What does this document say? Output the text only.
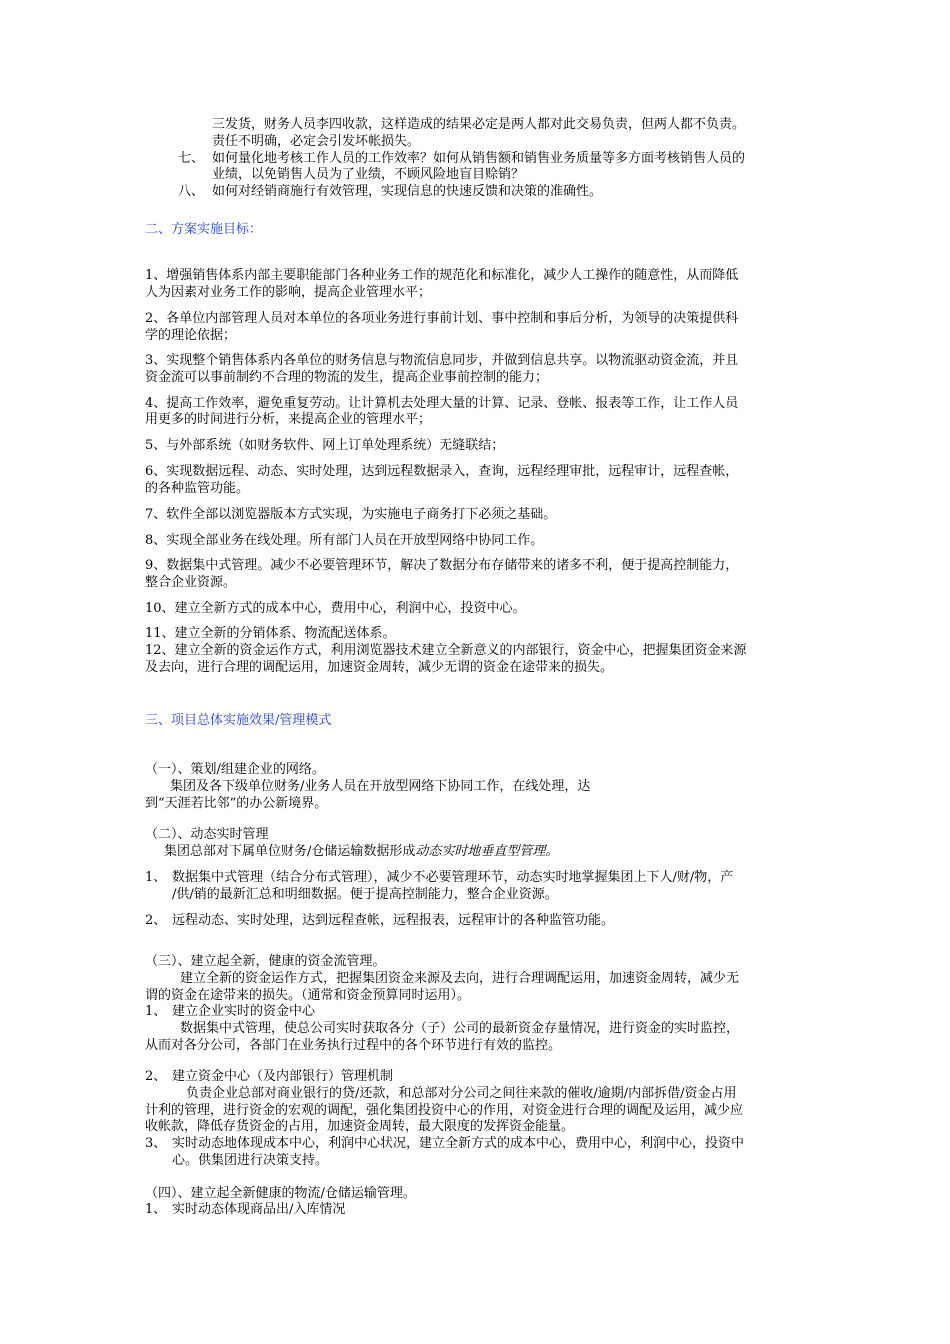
三发货，财务人员李四收款，这样造成的结果必定是两人都对此交易负责，但两人都不负责。
责任不明确，必定会引发坏帐损失。
七、 如何量化地考核工作人员的工作效率？如何从销售额和销售业务质量等多方面考核销售人员的
业绩，以免销售人员为了业绩，不顾风险地盲目赊销？
八、 如何对经销商施行有效管理，实现信息的快速反馈和决策的准确性。
二、方案实施目标：
1、增强销售体系内部主要职能部门各种业务工作的规范化和标准化，减少人工操作的随意性，从而降低
人为因素对业务工作的影响，提高企业管理水平；
2、各单位内部管理人员对本单位的各项业务进行事前计划、事中控制和事后分析，为领导的决策提供科
学的理论依据；
3、实现整个销售体系内各单位的财务信息与物流信息同步，并做到信息共享。以物流驱动资金流，并且
资金流可以事前制约不合理的物流的发生，提高企业事前控制的能力；
4、提高工作效率，避免重复劳动。让计算机去处理大量的计算、记录、登帐、报表等工作，让工作人员
用更多的时间进行分析，来提高企业的管理水平；
5、与外部系统（如财务软件、网上订单处理系统）无缝联结；
6、实现数据远程、动态、实时处理，达到远程数据录入，查询，远程经理审批，远程审计，远程查帐，
的各种监管功能。
7、软件全部以浏览器版本方式实现，为实施电子商务打下必须之基础。
8、实现全部业务在线处理。所有部门人员在开放型网络中协同工作。
9、数据集中式管理。减少不必要管理环节，解决了数据分布存储带来的诸多不利，便于提高控制能力，
整合企业资源。
10、建立全新方式的成本中心，费用中心，利润中心，投资中心。
11、建立全新的分销体系、物流配送体系。
12、建立全新的资金运作方式，利用浏览器技术建立全新意义的内部银行，资金中心，把握集团资金来源
及去向，进行合理的调配运用，加速资金周转，减少无谓的资金在途带来的损失。
三、项目总体实施效果/管理模式
（一）、策划/组建企业的网络。
集团及各下级单位财务/业务人员在开放型网络下协同工作，在线处理，达
到“天涯若比邻”的办公新境界。
（二）、动态实时管理
集团总部对下属单位财务/仓储运输数据形成动态实时地垂直型管理。
1、 数据集中式管理（结合分布式管理），减少不必要管理环节，动态实时地掌握集团上下人/财/物，产
/供/销的最新汇总和明细数据。便于提高控制能力，整合企业资源。
2、 远程动态、实时处理，达到远程查帐，远程报表，远程审计的各种监管功能。
（三）、建立起全新，健康的资金流管理。
建立全新的资金运作方式，把握集团资金来源及去向，进行合理调配运用，加速资金周转，减少无
谓的资金在途带来的损失。（通常和资金预算同时运用）。
1、 建立企业实时的资金中心
数据集中式管理，使总公司实时获取各分（子）公司的最新资金存量情况，进行资金的实时监控，
从而对各分公司，各部门在业务执行过程中的各个环节进行有效的监控。
2、 建立资金中心（及内部银行）管理机制
负责企业总部对商业银行的贷/还款，和总部对分公司之间往来款的催收/逾期/内部拆借/资金占用
计利的管理，进行资金的宏观的调配，强化集团投资中心的作用，对资金进行合理的调配及运用，减少应
收帐款，降低存货资金的占用，加速资金周转，最大限度的发挥资金能量。
3、 实时动态地体现成本中心，利润中心状况，建立全新方式的成本中心，费用中心，利润中心，投资中
心。供集团进行决策支持。
（四）、建立起全新健康的物流/仓储运输管理。
1、 实时动态体现商品出/入库情况
